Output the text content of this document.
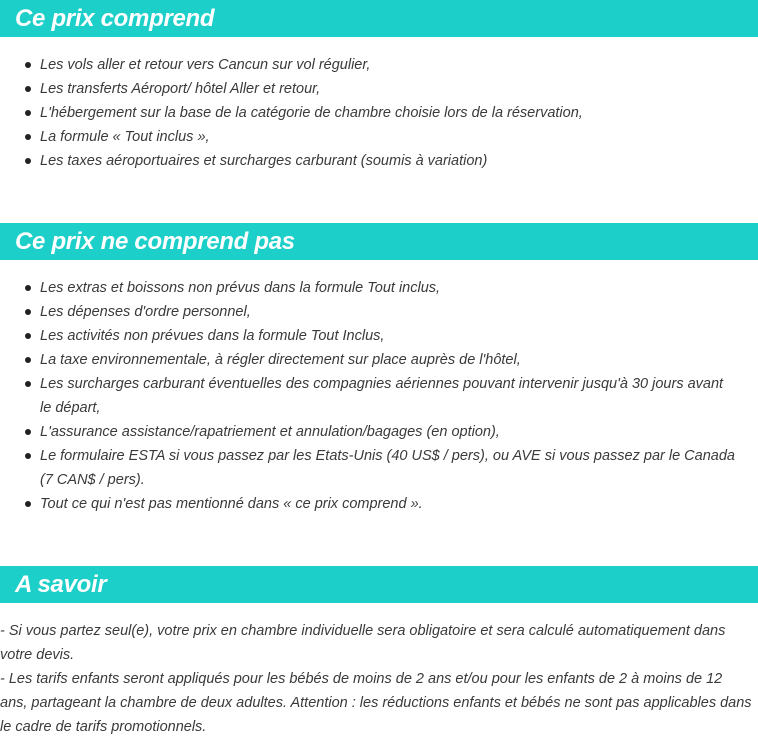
Ce prix comprend
Les vols aller et retour vers Cancun sur vol régulier,
Les transferts Aéroport/ hôtel Aller et retour,
L'hébergement sur la base de la catégorie de chambre choisie lors de la réservation,
La formule « Tout inclus »,
Les taxes aéroportuaires et surcharges carburant (soumis à variation)
Ce prix ne comprend pas
Les extras et boissons non prévus dans la formule Tout inclus,
Les dépenses d'ordre personnel,
Les activités non prévues dans la formule Tout Inclus,
La taxe environnementale, à régler directement sur place auprès de l'hôtel,
Les surcharges carburant éventuelles des compagnies aériennes pouvant intervenir jusqu'à 30 jours avant le départ,
L'assurance assistance/rapatriement et annulation/bagages (en option),
Le formulaire ESTA si vous passez par les Etats-Unis (40 US$ / pers), ou AVE si vous passez par le Canada (7 CAN$ / pers).
Tout ce qui n'est pas mentionné dans « ce prix comprend ».
A savoir

- Si vous partez seul(e), votre prix en chambre individuelle sera obligatoire et sera calculé automatiquement dans votre devis.

- Les tarifs enfants seront appliqués pour les bébés de moins de 2 ans et/ou pour les enfants de 2 à moins de 12 ans, partageant la chambre de deux adultes. Attention : les réductions enfants et bébés ne sont pas applicables dans le cadre de tarifs promotionnels.
